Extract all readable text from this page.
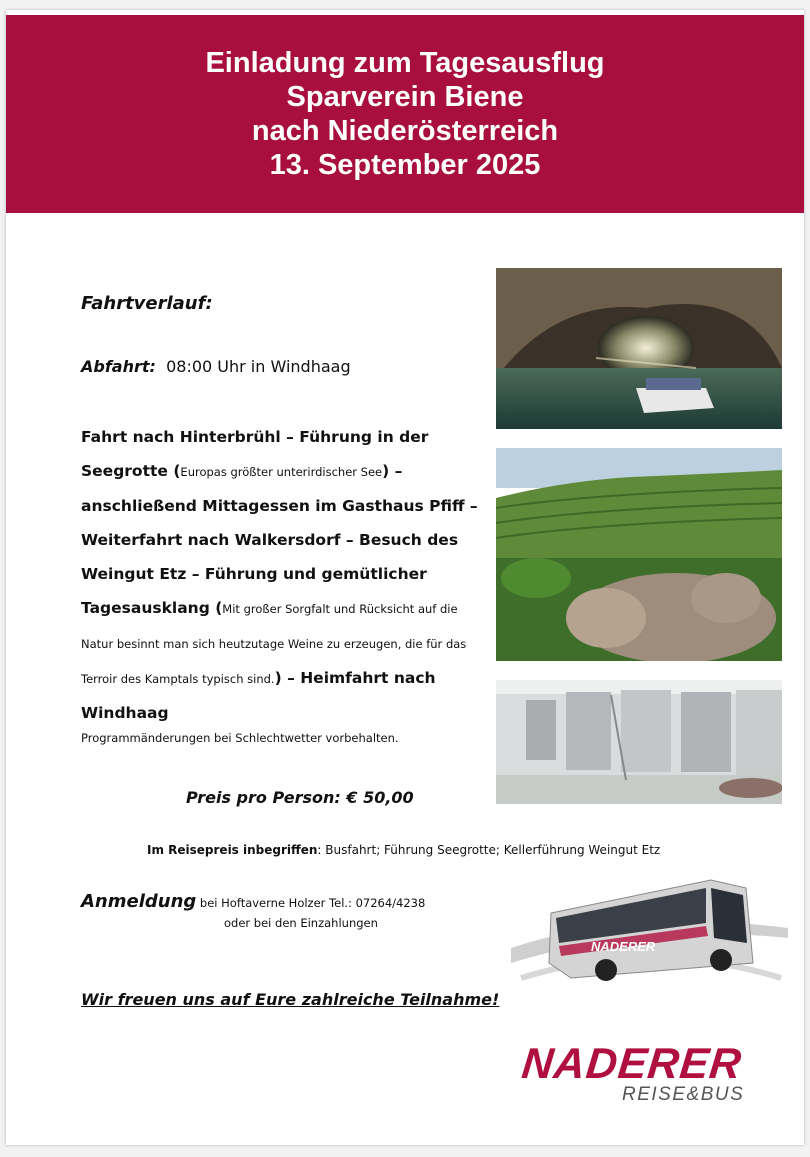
Einladung zum Tagesausflug
Sparverein Biene
nach Niederösterreich
13. September 2025
Fahrtverlauf:
Abfahrt: 08:00 Uhr in Windhaag
Fahrt nach Hinterbrühl – Führung in der Seegrotte (Europas größter unterirdischer See) – anschließend Mittagessen im Gasthaus Pfiff – Weiterfahrt nach Walkersdorf – Besuch des Weingut Etz – Führung und gemütlicher Tagesausklang (Mit großer Sorgfalt und Rücksicht auf die Natur besinnt man sich heutzutage Weine zu erzeugen, die für das Terroir des Kamptals typisch sind.) – Heimfahrt nach Windhaag
Programmänderungen bei Schlechtwetter vorbehalten.
Preis pro Person: € 50,00
Im Reisepreis inbegriffen: Busfahrt; Führung Seegrotte; Kellerführung Weingut Etz
Anmeldung bei Hoftaverne Holzer Tel.: 07264/4238
oder bei den Einzahlungen
Wir freuen uns auf Eure zahlreiche Teilnahme!
NADERER
NADERER
REISE&BUS
